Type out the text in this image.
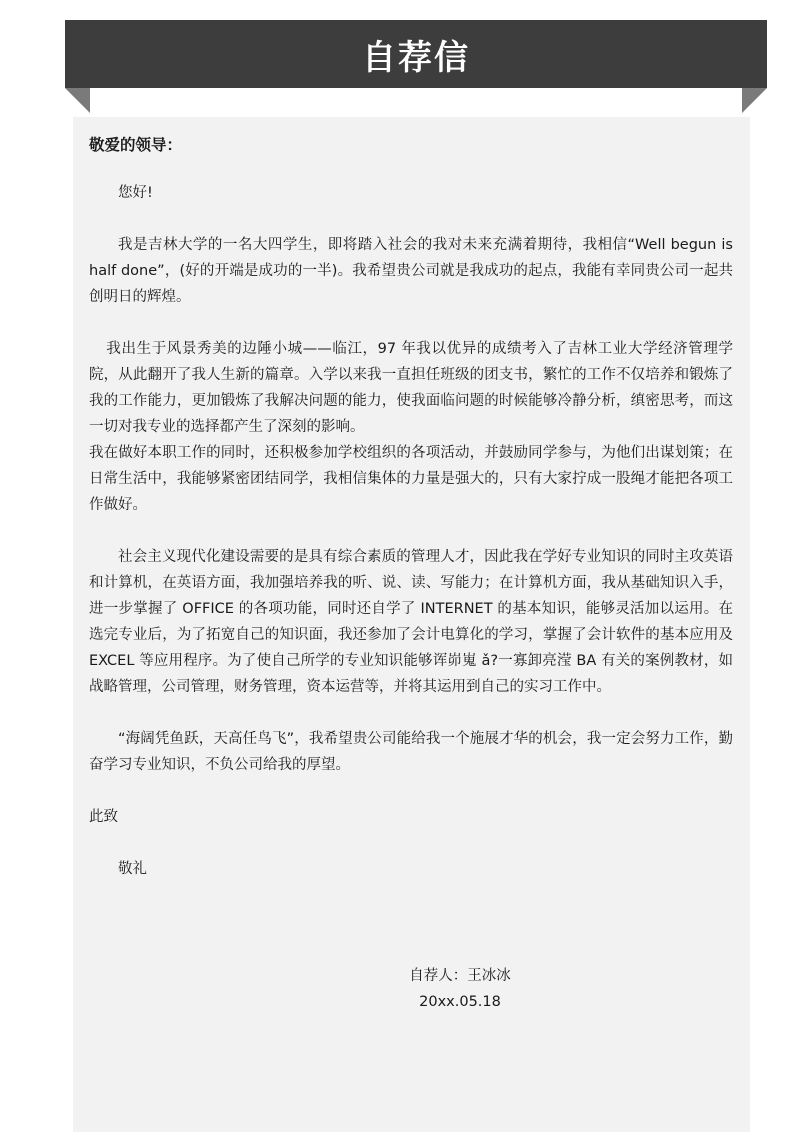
自荐信
敬爱的领导：

您好!

我是吉林大学的一名大四学生，即将踏入社会的我对未来充满着期待，我相信“Well begun is half done”，(好的开端是成功的一半)。我希望贵公司就是我成功的起点，我能有幸同贵公司一起共创明日的辉煌。

我出生于风景秀美的边陲小城——临江，97 年我以优异的成绩考入了吉林工业大学经济管理学院，从此翻开了我人生新的篇章。入学以来我一直担任班级的团支书，繁忙的工作不仅培养和锻炼了我的工作能力，更加锻炼了我解决问题的能力，使我面临问题的时候能够冷静分析，缜密思考，而这一切对我专业的选择都产生了深刻的影响。

我在做好本职工作的同时，还积极参加学校组织的各项活动，并鼓励同学参与，为他们出谋划策；在日常生活中，我能够紧密团结同学，我相信集体的力量是强大的，只有大家拧成一股绳才能把各项工作做好。

社会主义现代化建设需要的是具有综合素质的管理人才，因此我在学好专业知识的同时主攻英语和计算机，在英语方面，我加强培养我的听、说、读、写能力；在计算机方面，我从基础知识入手，进一步掌握了 OFFICE 的各项功能，同时还自学了 INTERNET 的基本知识，能够灵活加以运用。在选完专业后，为了拓宽自己的知识面，我还参加了会计电算化的学习，掌握了会计软件的基本应用及 EXCEL 等应用程序。为了使自己所学的专业知识能够诨峁嵬 ǎ?一寡卸亮滢 BA 有关的案例教材，如战略管理，公司管理，财务管理，资本运营等，并将其运用到自己的实习工作中。

“海阔凭鱼跃，天高任鸟飞”，我希望贵公司能给我一个施展才华的机会，我一定会努力工作，勤奋学习专业知识，不负公司给我的厚望。

此致

敬礼

自荐人：王冰冰
20xx.05.18
